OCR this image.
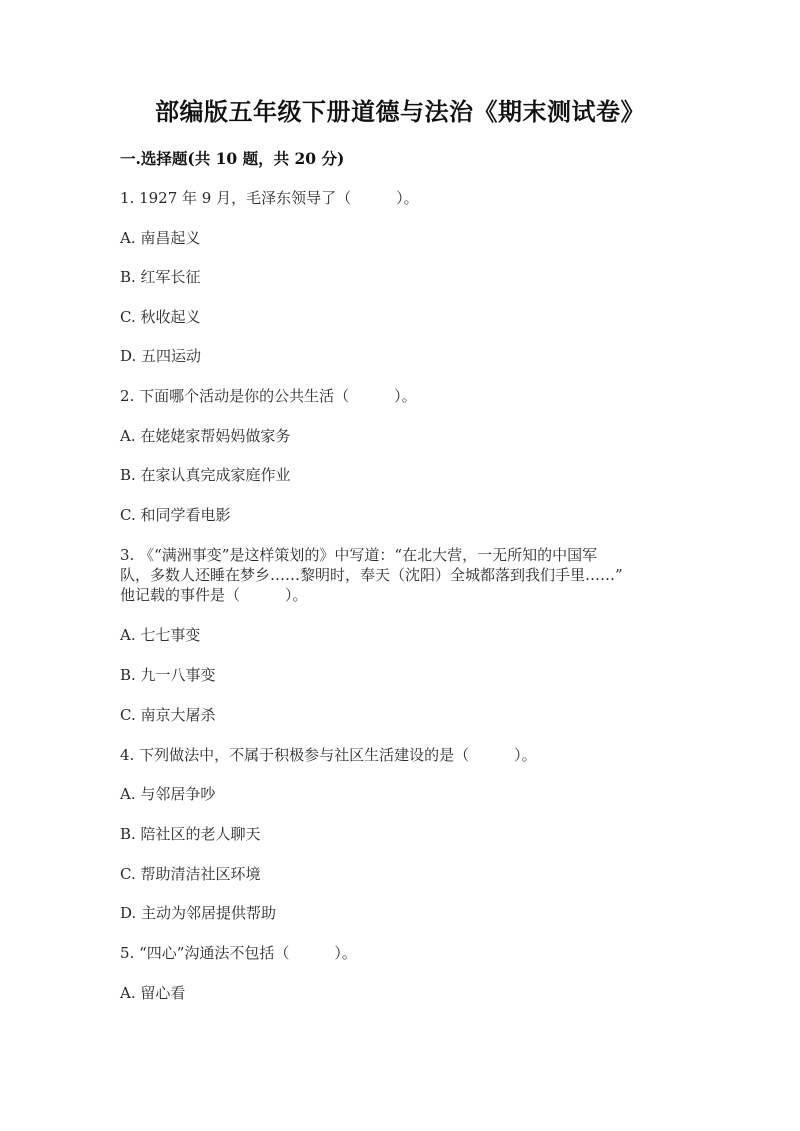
部编版五年级下册道德与法治《期末测试卷》
一.选择题(共 10 题，共 20 分)
1. 1927 年 9 月，毛泽东领导了（　　　）。
A. 南昌起义
B. 红军长征
C. 秋收起义
D. 五四运动
2. 下面哪个活动是你的公共生活（　　　）。
A. 在姥姥家帮妈妈做家务
B. 在家认真完成家庭作业
C. 和同学看电影
3. 《“满洲事变”是这样策划的》中写道：“在北大营，一无所知的中国军
队，多数人还睡在梦乡……黎明时，奉天（沈阳）全城都落到我们手里……”
他记载的事件是（　　　）。
A. 七七事变
B. 九一八事变
C. 南京大屠杀
4. 下列做法中，不属于积极参与社区生活建设的是（　　　）。
A. 与邻居争吵
B. 陪社区的老人聊天
C. 帮助清洁社区环境
D. 主动为邻居提供帮助
5. “四心”沟通法不包括（　　　）。
A. 留心看
